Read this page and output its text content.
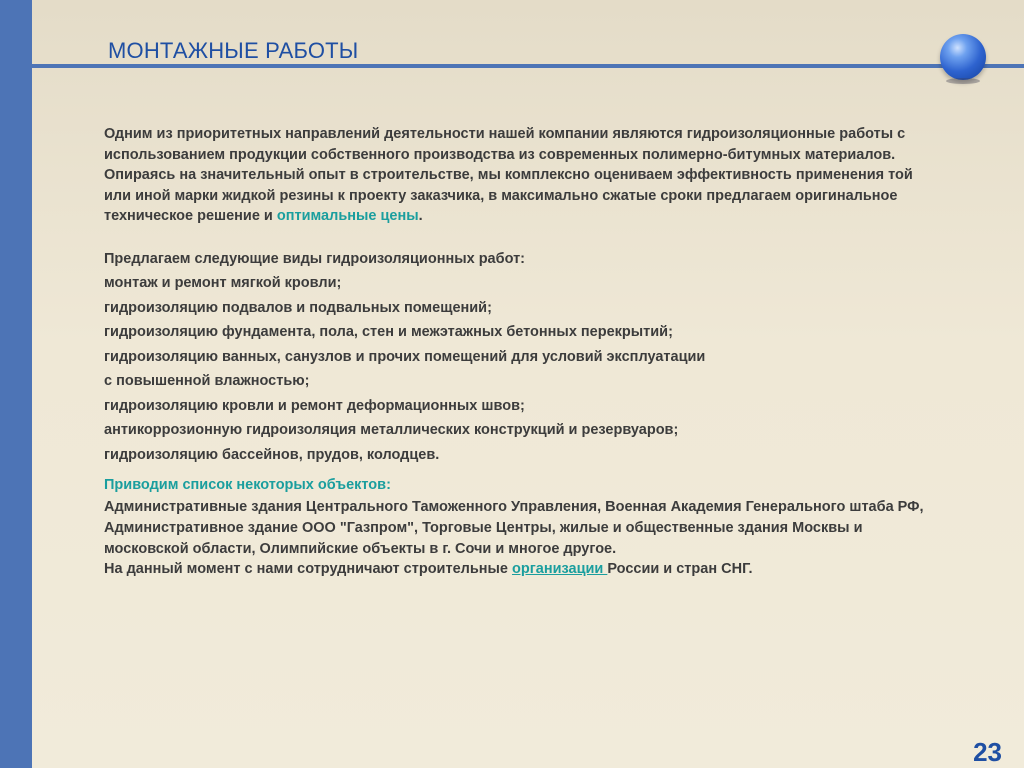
МОНТАЖНЫЕ РАБОТЫ

Одним из приоритетных направлений деятельности нашей компании являются гидроизоляционные работы с использованием продукции собственного производства из современных полимерно-битумных материалов. Опираясь на значительный опыт в строительстве, мы комплексно оцениваем эффективность применения той или иной марки жидкой резины к проекту заказчика, в максимально сжатые сроки предлагаем оригинальное техническое решение и оптимальные цены.

Предлагаем следующие виды гидроизоляционных работ:

монтаж и ремонт мягкой кровли;

гидроизоляцию подвалов и подвальных помещений;

гидроизоляцию фундамента, пола, стен и межэтажных бетонных перекрытий;

гидроизоляцию ванных, санузлов и прочих помещений для условий эксплуатации

с повышенной влажностью;

гидроизоляцию кровли и ремонт деформационных швов;

антикоррозионную гидроизоляция металлических конструкций и резервуаров;

гидроизоляцию бассейнов, прудов, колодцев.

Приводим список некоторых объектов:

Административные здания Центрального Таможенного Управления, Военная Академия Генерального штаба РФ, Административное здание ООО "Газпром", Торговые Центры, жилые и общественные здания Москвы и московской области, Олимпийские объекты в г. Сочи и многое другое.

На данный момент с нами сотрудничают строительные организации России и стран СНГ.

23
